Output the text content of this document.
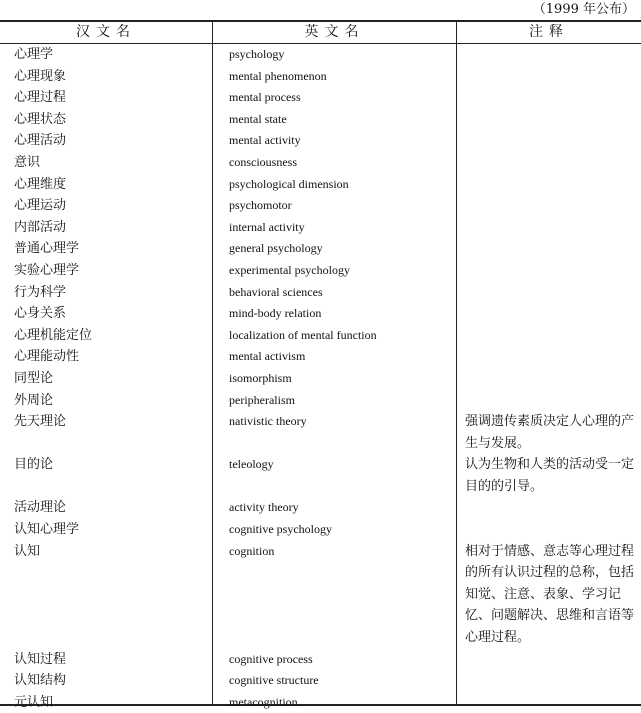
（1999 年公布）
汉文名	英文名	注释
心理学	psychology
心理现象	mental phenomenon
心理过程	mental process
心理状态	mental state
心理活动	mental activity
意识	consciousness
心理维度	psychological dimension
心理运动	psychomotor
内部活动	internal activity
普通心理学	general psychology
实验心理学	experimental psychology
行为科学	behavioral sciences
心身关系	mind-body relation
心理机能定位	localization of mental function
心理能动性	mental activism
同型论	isomorphism
外周论	peripheralism
先天理论	nativistic theory	强调遗传素质决定人心理的产生与发展。
目的论	teleology	认为生物和人类的活动受一定目的的引导。
活动理论	activity theory
认知心理学	cognitive psychology
认知	cognition	相对于情感、意志等心理过程的所有认识过程的总称，包括知觉、注意、表象、学习记忆、问题解决、思维和言语等心理过程。
认知过程	cognitive process
认知结构	cognitive structure
元认知	metacognition
